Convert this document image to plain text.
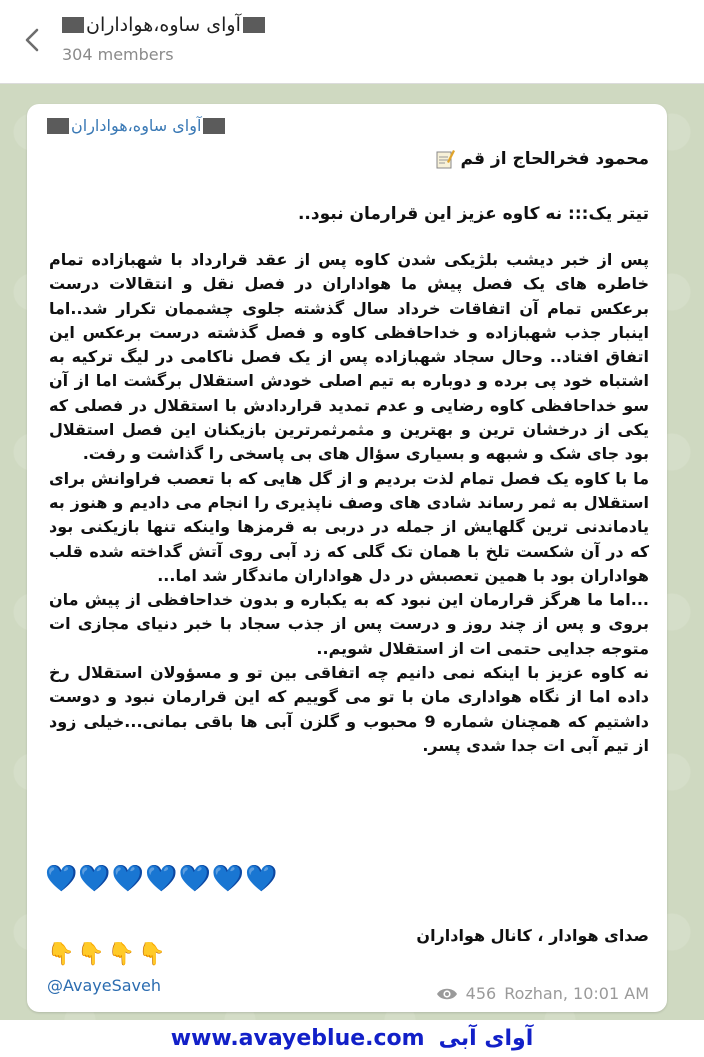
آوای ساوه،هواداران
304 members
آوای ساوه،هواداران
محمود فخرالحاج از قم
تیتر یک::: نه کاوه عزیز این قرارمان نبود..
پس از خبر دیشب بلژیکی شدن کاوه پس از عقد قرارداد با شهبازاده تمام خاطره های یک فصل پیش ما هواداران در فصل نقل و انتقالات درست برعکس تمام آن اتفاقات خرداد سال گذشته جلوی چشممان تکرار شد..اما اینبار جذب شهبازاده و خداحافظی کاوه و فصل گذشته درست برعکس این اتفاق افتاد.. وحال سجاد شهبازاده پس از یک فصل ناکامی در لیگ ترکیه به اشتباه خود پی برده و دوباره به تیم اصلی خودش استقلال برگشت اما از آن سو خداحافظی کاوه رضایی و عدم تمدید قراردادش با استقلال در فصلی که یکی از درخشان ترین و بهترین و مثمرثمرترین بازیکنان این فصل استقلال بود جای شک و شبهه و بسیاری سؤال های بی پاسخی را گذاشت و رفت.
ما با کاوه یک فصل تمام لذت بردیم و از گل هایی که با تعصب فراوانش برای استقلال به ثمر رساند شادی های وصف ناپذیری را انجام می دادیم و هنوز به یادماندنی ترین گلهایش از جمله در دربی به قرمزها واینکه تنها بازیکنی بود که در آن شکست تلخ با همان تک گلی که زد آبی روی آتش گداخته شده قلب هواداران بود با همین تعصبش در دل هواداران ماندگار شد اما...
...اما ما هرگز قرارمان این نبود که به یکباره و بدون خداحافظی از پیش مان بروی و پس از چند روز و درست پس از جذب سجاد با خبر دنیای مجازی ات متوجه جدایی حتمی ات از استقلال شویم..
نه کاوه عزیز با اینکه نمی دانیم چه اتفاقی بین تو و مسؤولان استقلال رخ داده اما از نگاه هواداری مان با تو می گوییم که این قرارمان نبود و دوست داشتیم که همچنان شماره 9 محبوب و گلزن آبی ها باقی بمانی...خیلی زود از تیم آبی ات جدا شدی پسر.
💙💙💙💙💙💙💙
صدای هوادار ، کانال هواداران
👇👇👇👇
@AvayeSaveh	456 Rozhan, 10:01 AM
www.avayeblue.com آوای آبی
